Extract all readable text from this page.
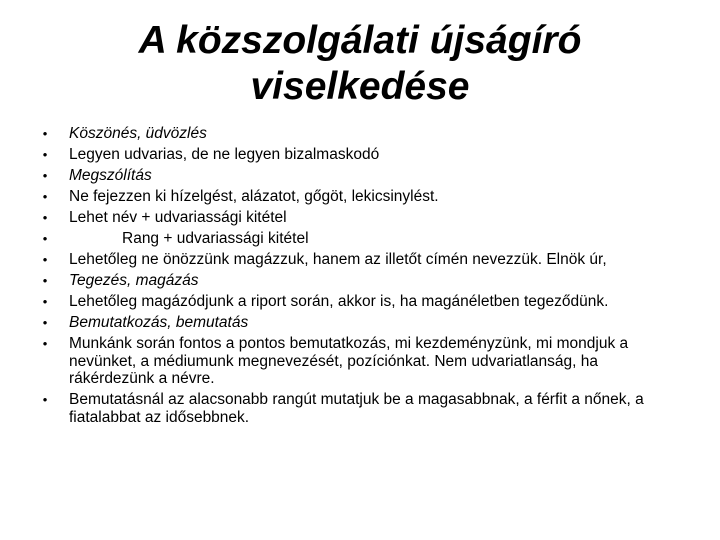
A közszolgálati újságíró
viselkedése
• Köszönés, üdvözlés
• Legyen udvarias, de ne legyen bizalmaskodó
• Megszólítás
• Ne fejezzen ki hízelgést, alázatot, gőgöt, lekicsinylést.
• Lehet név + udvariassági kitétel
•	Rang + udvariassági kitétel
• Lehetőleg ne önözzünk magázzuk, hanem az illetőt címén nevezzük. Elnök úr,
• Tegezés, magázás
• Lehetőleg magázódjunk a riport során, akkor is, ha magánéletben tegeződünk.
• Bemutatkozás, bemutatás
• Munkánk során fontos a pontos bemutatkozás, mi kezdeményzünk, mi mondjuk a nevünket, a médiumunk megnevezését, pozíciónkat. Nem udvariatlanság, ha rákérdezünk a névre.
• Bemutatásnál az alacsonabb rangút mutatjuk be a magasabbnak, a férfit a nőnek, a fiatalabbat az idősebbnek.
